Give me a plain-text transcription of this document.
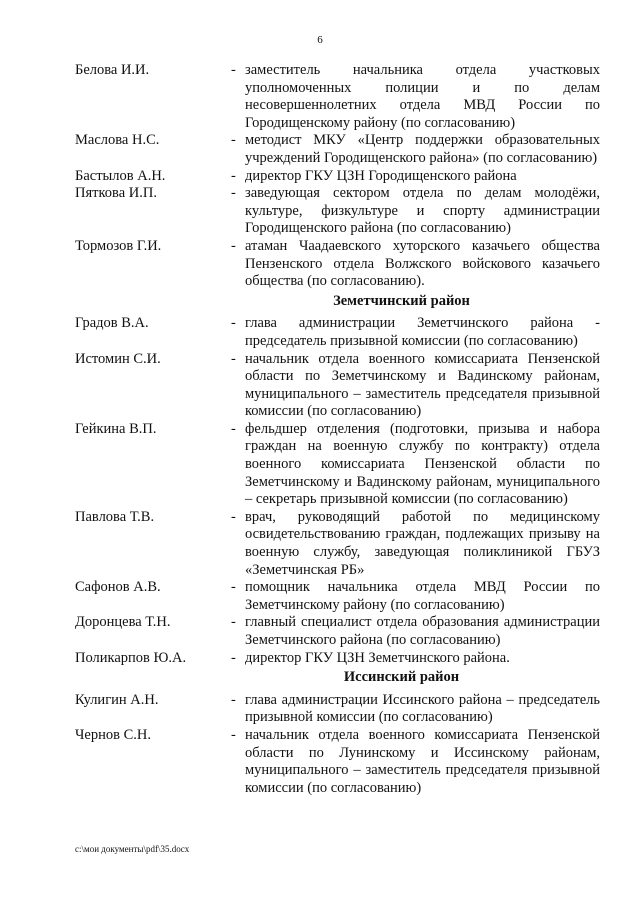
6
Белова И.И.	- заместитель начальника отдела участковых уполномоченных полиции и по делам несовершеннолетних отдела МВД России по Городищенскому району (по согласованию)
Маслова Н.С.	- методист МКУ «Центр поддержки образовательных учреждений Городищенского района» (по согласованию)
Бастылов А.Н.	- директор ГКУ ЦЗН Городищенского района
Пяткова И.П.	- заведующая сектором отдела по делам молодёжи, культуре, физкультуре и спорту администрации Городищенского района (по согласованию)
Тормозов Г.И.	- атаман Чаадаевского хуторского казачьего общества Пензенского отдела Волжского войскового казачьего общества (по согласованию).
Земетчинский район
Градов В.А.	- глава администрации Земетчинского района - председатель призывной комиссии (по согласованию)
Истомин С.И.	- начальник отдела военного комиссариата Пензенской области по Земетчинскому и Вадинскому районам, муниципального – заместитель председателя призывной комиссии (по согласованию)
Гейкина В.П.	- фельдшер отделения (подготовки, призыва и набора граждан на военную службу по контракту) отдела военного комиссариата Пензенской области по Земетчинскому и Вадинскому районам, муниципального – секретарь призывной комиссии (по согласованию)
Павлова Т.В.	- врач, руководящий работой по медицинскому освидетельствованию граждан, подлежащих призыву на военную службу, заведующая поликлиникой ГБУЗ «Земетчинская РБ»
Сафонов А.В.	- помощник начальника отдела МВД России по Земетчинскому району (по согласованию)
Доронцева Т.Н.	- главный специалист отдела образования администрации Земетчинского района (по согласованию)
Поликарпов Ю.А.	- директор ГКУ ЦЗН Земетчинского района.
Иссинский район
Кулигин А.Н.	- глава администрации Иссинского района – председатель призывной комиссии (по согласованию)
Чернов С.Н.	- начальник отдела военного комиссариата Пензенской области по Лунинскому и Иссинскому районам, муниципального – заместитель председателя призывной комиссии (по согласованию)
c:\мои документы\pdf\35.docx
